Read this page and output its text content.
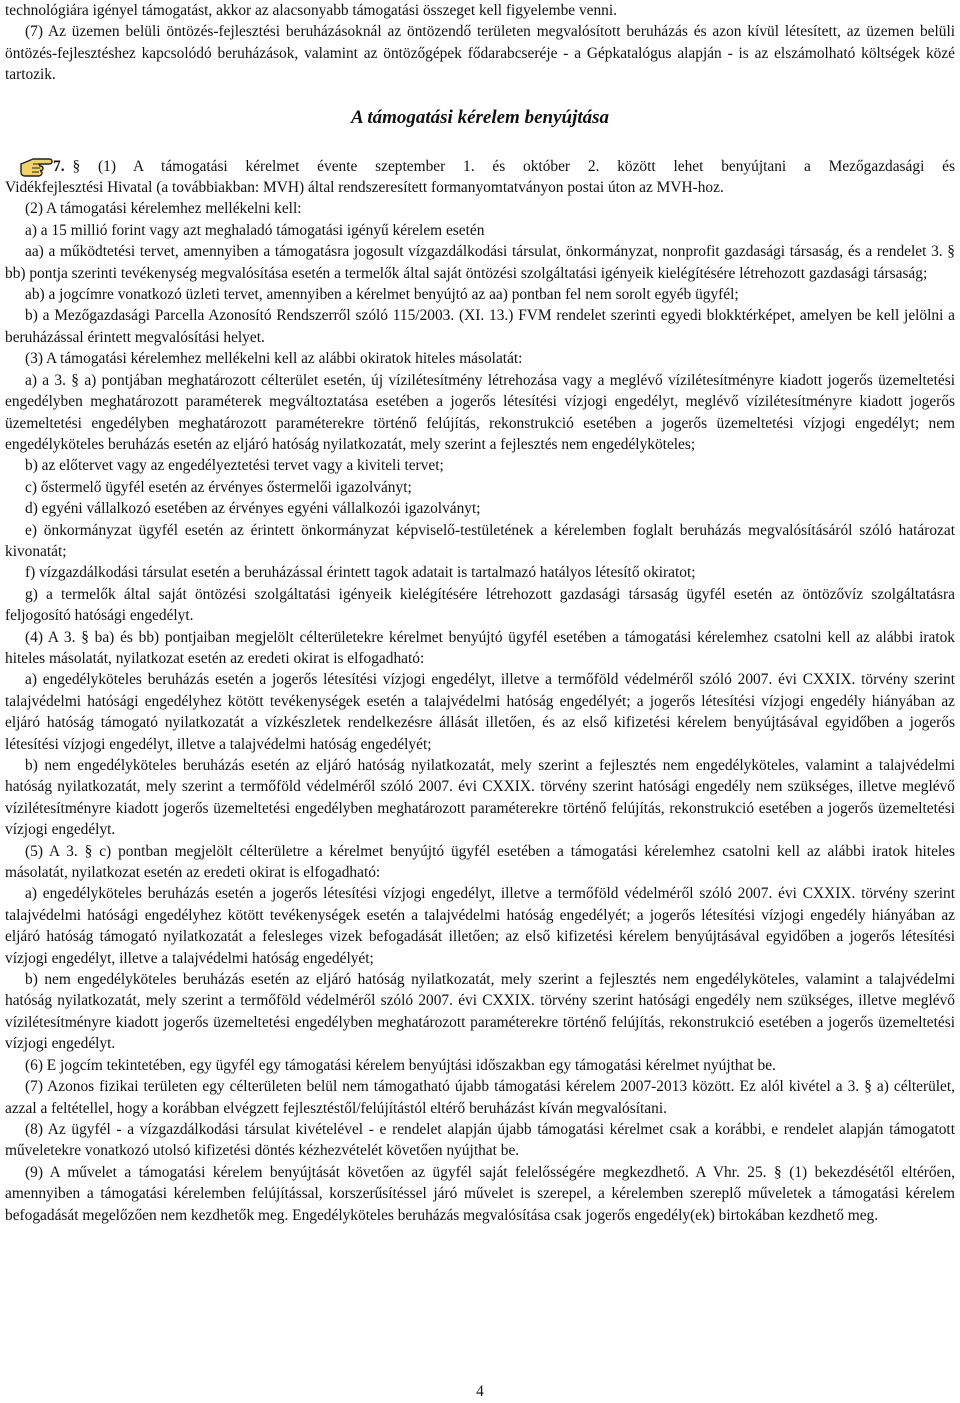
technológiára igényel támogatást, akkor az alacsonyabb támogatási összeget kell figyelembe venni.

(7) Az üzemen belüli öntözés-fejlesztési beruházásoknál az öntözendő területen megvalósított beruházás és azon kívül létesített, az üzemen belüli öntözés-fejlesztéshez kapcsolódó beruházások, valamint az öntözőgépek fődarabcseréje - a Gépkatalógus alapján - is az elszámolható költségek közé tartozik.

A támogatási kérelem benyújtása
7. § (1) A támogatási kérelmet évente szeptember 1. és október 2. között lehet benyújtani a Mezőgazdasági és

Vidékfejlesztési Hivatal (a továbbiakban: MVH) által rendszeresített formanyomtatványon postai úton az MVH-hoz.

(2) A támogatási kérelemhez mellékelni kell:

a) a 15 millió forint vagy azt meghaladó támogatási igényű kérelem esetén

aa) a működtetési tervet, amennyiben a támogatásra jogosult vízgazdálkodási társulat, önkormányzat, nonprofit gazdasági társaság, és a rendelet 3. § bb) pontja szerinti tevékenység megvalósítása esetén a termelők által saját öntözési szolgáltatási igényeik kielégítésére létrehozott gazdasági társaság;

ab) a jogcímre vonatkozó üzleti tervet, amennyiben a kérelmet benyújtó az aa) pontban fel nem sorolt egyéb ügyfél;

b) a Mezőgazdasági Parcella Azonosító Rendszerről szóló 115/2003. (XI. 13.) FVM rendelet szerinti egyedi blokktérképet, amelyen be kell jelölni a beruházással érintett megvalósítási helyet.

(3) A támogatási kérelemhez mellékelni kell az alábbi okiratok hiteles másolatát:

a) a 3. § a) pontjában meghatározott célterület esetén, új vízilétesítmény létrehozása vagy a meglévő vízilétesítményre kiadott jogerős üzemeltetési engedélyben meghatározott paraméterek megváltoztatása esetében a jogerős létesítési vízjogi engedélyt, meglévő vízilétesítményre kiadott jogerős üzemeltetési engedélyben meghatározott paraméterekre történő felújítás, rekonstrukció esetében a jogerős üzemeltetési vízjogi engedélyt; nem engedélyköteles beruházás esetén az eljáró hatóság nyilatkozatát, mely szerint a fejlesztés nem engedélyköteles;

b) az előtervet vagy az engedélyeztetési tervet vagy a kiviteli tervet;

c) őstermelő ügyfél esetén az érvényes őstermelői igazolványt;

d) egyéni vállalkozó esetében az érvényes egyéni vállalkozói igazolványt;

e) önkormányzat ügyfél esetén az érintett önkormányzat képviselő-testületének a kérelemben foglalt beruházás megvalósításáról szóló határozat kivonatát;

f) vízgazdálkodási társulat esetén a beruházással érintett tagok adatait is tartalmazó hatályos létesítő okiratot;

g) a termelők által saját öntözési szolgáltatási igényeik kielégítésére létrehozott gazdasági társaság ügyfél esetén az öntözővíz szolgáltatásra feljogosító hatósági engedélyt.

(4) A 3. § ba) és bb) pontjaiban megjelölt célterületekre kérelmet benyújtó ügyfél esetében a támogatási kérelemhez csatolni kell az alábbi iratok hiteles másolatát, nyilatkozat esetén az eredeti okirat is elfogadható:

a) engedélyköteles beruházás esetén a jogerős létesítési vízjogi engedélyt, illetve a termőföld védelméről szóló 2007. évi CXXIX. törvény szerint talajvédelmi hatósági engedélyhez kötött tevékenységek esetén a talajvédelmi hatóság engedélyét; a jogerős létesítési vízjogi engedély hiányában az eljáró hatóság támogató nyilatkozatát a vízkészletek rendelkezésre állását illetően, és az első kifizetési kérelem benyújtásával egyidőben a jogerős létesítési vízjogi engedélyt, illetve a talajvédelmi hatóság engedélyét;

b) nem engedélyköteles beruházás esetén az eljáró hatóság nyilatkozatát, mely szerint a fejlesztés nem engedélyköteles, valamint a talajvédelmi hatóság nyilatkozatát, mely szerint a termőföld védelméről szóló 2007. évi CXXIX. törvény szerint hatósági engedély nem szükséges, illetve meglévő vízilétesítményre kiadott jogerős üzemeltetési engedélyben meghatározott paraméterekre történő felújítás, rekonstrukció esetében a jogerős üzemeltetési vízjogi engedélyt.

(5) A 3. § c) pontban megjelölt célterületre a kérelmet benyújtó ügyfél esetében a támogatási kérelemhez csatolni kell az alábbi iratok hiteles másolatát, nyilatkozat esetén az eredeti okirat is elfogadható:

a) engedélyköteles beruházás esetén a jogerős létesítési vízjogi engedélyt, illetve a termőföld védelméről szóló 2007. évi CXXIX. törvény szerint talajvédelmi hatósági engedélyhez kötött tevékenységek esetén a talajvédelmi hatóság engedélyét; a jogerős létesítési vízjogi engedély hiányában az eljáró hatóság támogató nyilatkozatát a felesleges vizek befogadását illetően; az első kifizetési kérelem benyújtásával egyidőben a jogerős létesítési vízjogi engedélyt, illetve a talajvédelmi hatóság engedélyét;

b) nem engedélyköteles beruházás esetén az eljáró hatóság nyilatkozatát, mely szerint a fejlesztés nem engedélyköteles, valamint a talajvédelmi hatóság nyilatkozatát, mely szerint a termőföld védelméről szóló 2007. évi CXXIX. törvény szerint hatósági engedély nem szükséges, illetve meglévő vízilétesítményre kiadott jogerős üzemeltetési engedélyben meghatározott paraméterekre történő felújítás, rekonstrukció esetében a jogerős üzemeltetési vízjogi engedélyt.

(6) E jogcím tekintetében, egy ügyfél egy támogatási kérelem benyújtási időszakban egy támogatási kérelmet nyújthat be.

(7) Azonos fizikai területen egy célterületen belül nem támogatható újabb támogatási kérelem 2007-2013 között. Ez alól kivétel a 3. § a) célterület, azzal a feltétellel, hogy a korábban elvégzett fejlesztéstől/felújítástól eltérő beruházást kíván megvalósítani.

(8) Az ügyfél - a vízgazdálkodási társulat kivételével - e rendelet alapján újabb támogatási kérelmet csak a korábbi, e rendelet alapján támogatott műveletekre vonatkozó utolsó kifizetési döntés kézhezvételét követően nyújthat be.

(9) A művelet a támogatási kérelem benyújtását követően az ügyfél saját felelősségére megkezdhető. A Vhr. 25. § (1) bekezdésétől eltérően, amennyiben a támogatási kérelemben felújítással, korszerűsítéssel járó művelet is szerepel, a kérelemben szereplő műveletek a támogatási kérelem befogadását megelőzően nem kezdhetők meg. Engedélyköteles beruházás megvalósítása csak jogerős engedély(ek) birtokában kezdhető meg.

4
